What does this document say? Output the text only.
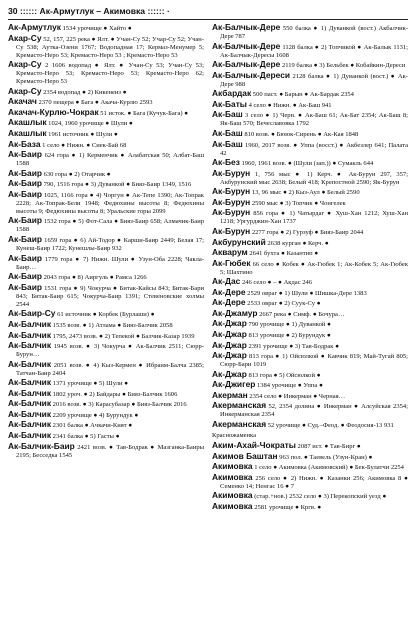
30 :::::: Ак-Армутлук – Акимовка :::::: ·
Ак-Армутлук 1534 урочище ● Хайто ●
Акар-Су 52, 157, 225 река ● Ялт. ● Учан-Су 52; Учар-Су 52; Учан-Су 538; Аутка-Озени 1767; Водопадная 17; Кермаз-Менумер 5; Кремасто-Неро 53; Кремасто-Неро 53 ; Кремасто-Неро 53
Акар-Су 2 1606 водопад ● Ялт. ● Учан-Су 53; Учан-Су 53; Кремасто-Неро 53; Кремасто-Неро 53; Кремасто-Неро 62; Кремасто-Неро 53
Акар-Су 2354 водопад ● 2) Кикенеиз ●
Акачач 2370 пещера ● Бага ● Акача-Курлю 2593
Акачач-Курлю-Чокрак 51 исток. ● Бага (Кучук-Бага) ●
Акашлык 1024, 1960 урочище ● Шули ●
Акашлык 1961 источник ● Шули ●
Ак-База 1 село ● Нижн. ● Сиек-Бай 68
Ак-Баир 624 гора ● 1) Керменчик ● Алабатская 50; Албат-Баш 1588
Ак-Баир 630 гора ● 2) Отарчик ●
Ак-Баир 790, 1516 гора ● 3) Дуванкой ● Бияз-Баир 1349, 1516
Ак-Баир 1025, 1166 гора ● 4) Чоргун ● Ак-Тепе 1390; Ак-Топрак 2228; Ак-Топрак-Бели 1948; Федюхины высоты 8; Федюхины высоты 9; Федюхины высоты 8; Уральские горы 2099
Ак-Баир 1532 гора ● 5) Фот-Сала ● Бияз-Баир 658; Алмачик-Баир 1588
Ак-Баир 1659 гора ● 6) Ай-Тодор ● Карши-Баир 2449; Белая 17; Кунеш-Баир 1722; Кунешлы-Баир 932
Ак-Баир 1779 гора ● 7) Нижн. Шули ● Узун-Оба 2228; Чакла-Баир…
Ак-Баир 2043 гора ● 8) Аиргуль ● Рамса 1266
Ак-Баир 1531 гора ● 9) Чокурча ● Битак-Кайсы 843; Битак-Бари 843; Битак-Баир 615; Чокурча-Баир 1391; Стевеновские холмы 2544
Ак-Баир-Су 61 источник ● Корбек (Бурлаши) ●
Ак-Балчик 1535 возв. ● 1) Атлама ● Бияз-Балчик 2058
Ак-Балчик 1795, 2473 возв. ● 2) Тепекой ● Балчик-Казар 1939
Ак-Балчик 1945 возв. ● 3) Чокурча ● Ак-Балчик 2511; Сюрр-Бурун…
Ак-Балчик 2051 возв. ● 4) Кыз-Кермен ● Ибраим-Балча 2385; Татчан-Баир 2404
Ак-Балчик 1371 урочище ● 5) Шули ●
Ак-Балчик 1802 уроч. ● 2) Байдары ● Бияз-Балчик 1606
Ак-Балчик 2016 возв. ● 3) Карасубазар ● Бияз-Балчик 2016
Ак-Балчик 2209 урочище ● 4) Бурундук ●
Ак-Балчик 2301 балка ● Ачкачи-Кият ●
Ак-Балчик 2341 балка ● 5) Гасты ●
Ак-Балчик-Баир 2421 возв. ● Тав-Бодрак ● Мазганка-Баиры 2195; Бесседка 1545
Ак-Балчык-Дере 550 балка ● 1) Дуванкой (вост.) Акбалчик-Дере 787
Ак-Балчык-Дере 1128 балка ● 2) Топчикой ● Ак-Балык 1131; Ак-Балчык-Дересы 1608
Ак-Балчык-Дере 2119 балка ● 3) Бельбек ● Кобайкин-Дереси
Ак-Балчык-Дереси 2128 балка ● 1) Дуванкой (вост.) ● Ак-Дере 988
Акбардак 500 паст. ● Барын ● Ак-Бардак 2354
Ак-Баты 4 село ● Нижн. ● Ак-Баш 941
Ак-Баш 3 село ● 1) Черн. ● Ак-Баш 61; Ак-Бат 2354; Ак-Баш 8; Як-Баш 570; Вечеславовка 1792
Ак-Баш 810 возв. ● Бююк-Сирень ● Ак-Кая 1848
Ак-Баш 1960, 2017 возв. ● Уппа (восст.) ● Акбезлер 641; Палата 42
Ак-Без 1960, 1961 возв. ● (Шули (зап.)) ● Сумакль 644
Ак-Бурун 1, 756 мыс ● 1) Керч. ● Ак-Бурун 297, 357; Акбурунский мыс 2638; Белый 418; Крепостной 2590; Як-Бурун
Ак-Бурун 13, 96 мыс ● 2) Кыз-Аул ● Белый 2590
Ак-Бурун 2590 мыс ● 3) Топчик ● Чонгелек
Ак-Бурун 856 гора ● 1) Чатырдаг ● Хуш-Хан 1212; Хуш-Хан 1218; Ургурджин-Хан 1737
Ак-Бурун 2277 гора ● 2) Гурзуф ● Бияз-Баир 2044
Акбурунский 2638 курган ● Керч. ●
Акварум 2641 бухта ● Казантип ●
Ак-Гюбек 66 село ● Кобек ● Ак-Гюбек 1; Ак-Кобек 5; Ак-Гюбек 5; Шахтино
Ак-Дас 246 село ● – ● Акдас 246
Ак-Дере 2529 овраг ● 1) Шули ● Шишка-Дере 1383
Ак-Дере 2533 овраг ● 2) Суук-Су ●
Ак-Джамур 2667 река ● Симф. ● Бочура…
Ак-Джар 790 урочище ● 1) Дуванкой ●
Ак-Джар 813 урочище ● 2) Бурундук ●
Ак-Джар 2391 урочище ● 3) Тав-Бодрак ●
Ак-Джар 813 гора ● 1) Ойсюлкой ● Кавчик 819; Май-Тугай 805; Сюрр-Бари 1019
Ак-Джар 813 гора ● 5) Ойсюлкой ●
Ак-Джигер 1384 урочище ● Уппа ●
Акерман 2354 село ● Инкерман ● Черная…
Акерманская 52, 2354 долина ● Инкерман ● Алсуйская 2354; Инкерманская 2354
Акерманская 52 урочище ● Суд.–Феод. ● Феодосия-13 931
Красножаменка
Аким-Ахай-Чократы 2087 ист. ● Тав-Бирг ●
Акимов Баштан 963 пол. ● Таевель (Узун-Кран) ●
Акимовка 1 село ● Акимовка (Акимовский) ● Бек-Булатчи 2254
Акимовка 256 село ● 2) Нижн. ● Казанки 256; Акимовка 8 ● Семенко 14; Ненгас 16 ● 7
Акимовка (стар.+нов.) 2532 село ● 3) Перекопский уезд ●
Акимовка 2581 урочище ● Кргв. ●
